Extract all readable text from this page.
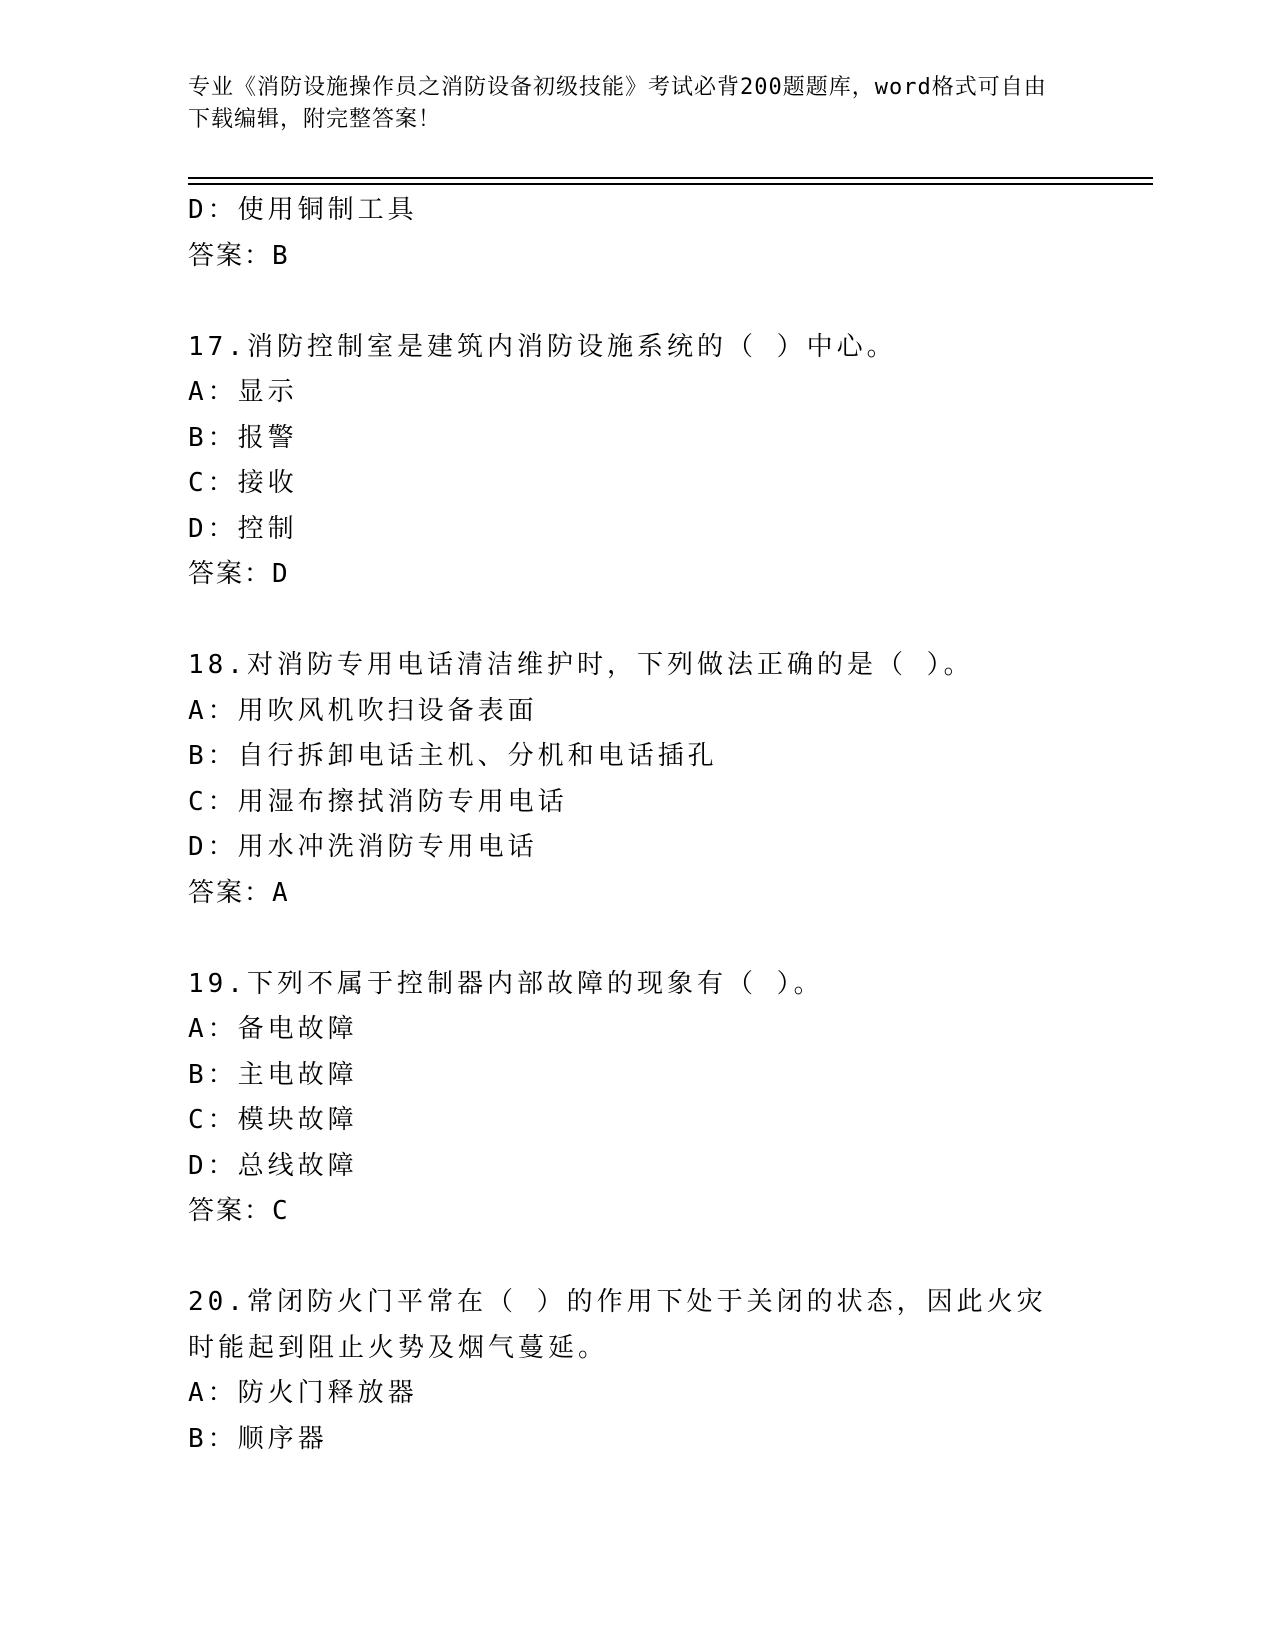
专业《消防设施操作员之消防设备初级技能》考试必背200题题库，word格式可自由下载编辑，附完整答案！
D：使用铜制工具
答案：B
17.消防控制室是建筑内消防设施系统的（ ）中心。
A：显示
B：报警
C：接收
D：控制
答案：D
18.对消防专用电话清洁维护时，下列做法正确的是（ ）。
A：用吹风机吹扫设备表面
B：自行拆卸电话主机、分机和电话插孔
C：用湿布擦拭消防专用电话
D：用水冲洗消防专用电话
答案：A
19.下列不属于控制器内部故障的现象有（ ）。
A：备电故障
B：主电故障
C：模块故障
D：总线故障
答案：C
20.常闭防火门平常在（ ）的作用下处于关闭的状态，因此火灾时能起到阻止火势及烟气蔓延。
A：防火门释放器
B：顺序器
